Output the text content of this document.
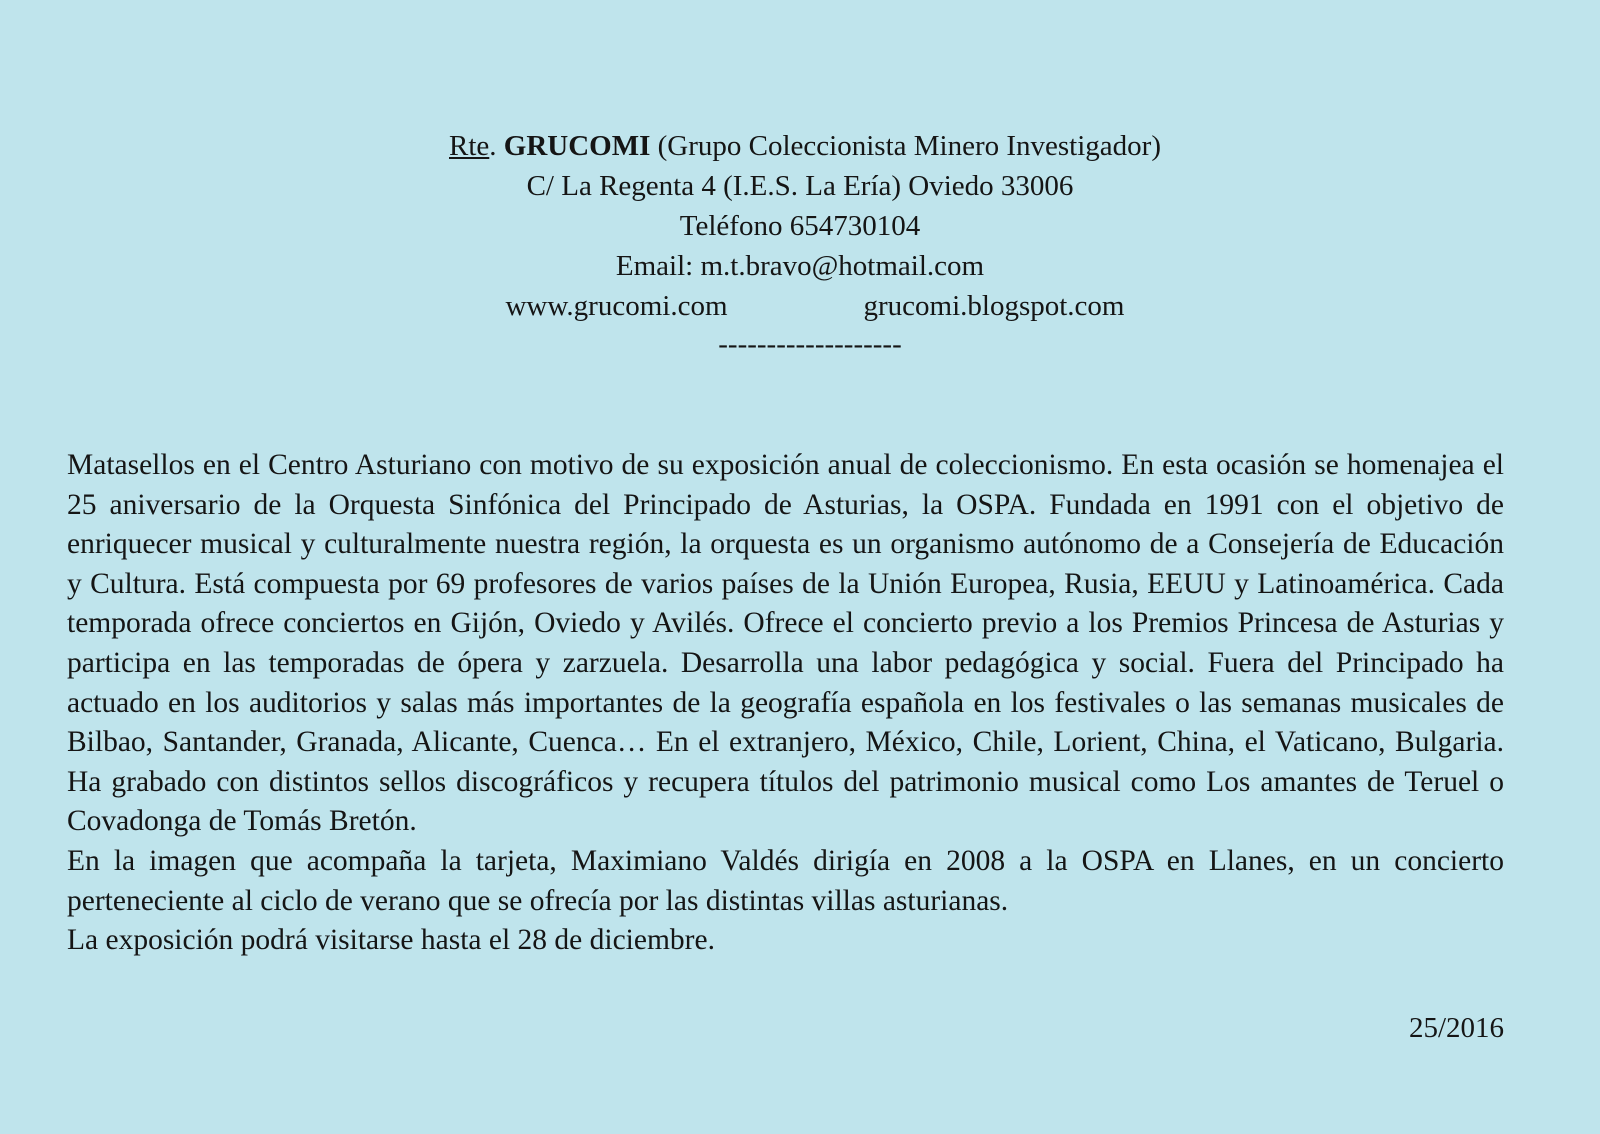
Rte. GRUCOMI (Grupo Coleccionista Minero Investigador)
C/ La Regenta 4 (I.E.S. La Ería) Oviedo 33006
Teléfono 654730104
Email: m.t.bravo@hotmail.com
www.grucomi.com	grucomi.blogspot.com
-------------------

Matasellos en el Centro Asturiano con motivo de su exposición anual de coleccionismo. En esta ocasión se homenajea el 25 aniversario de la Orquesta Sinfónica del Principado de Asturias, la OSPA. Fundada en 1991 con el objetivo de enriquecer musical y culturalmente nuestra región, la orquesta es un organismo autónomo de a Consejería de Educación y Cultura. Está compuesta por 69 profesores de varios países de la Unión Europea, Rusia, EEUU y Latinoamérica. Cada temporada ofrece conciertos en Gijón, Oviedo y Avilés. Ofrece el concierto previo a los Premios Princesa de Asturias y participa en las temporadas de ópera y zarzuela. Desarrolla una labor pedagógica y social. Fuera del Principado ha actuado en los auditorios y salas más importantes de la geografía española en los festivales o las semanas musicales de Bilbao, Santander, Granada, Alicante, Cuenca… En el extranjero, México, Chile, Lorient, China, el Vaticano, Bulgaria. Ha grabado con distintos sellos discográficos y recupera títulos del patrimonio musical como Los amantes de Teruel o Covadonga de Tomás Bretón.

En la imagen que acompaña la tarjeta, Maximiano Valdés dirigía en 2008 a la OSPA en Llanes, en un concierto perteneciente al ciclo de verano que se ofrecía por las distintas villas asturianas.

La exposición podrá visitarse hasta el 28 de diciembre.

25/2016
